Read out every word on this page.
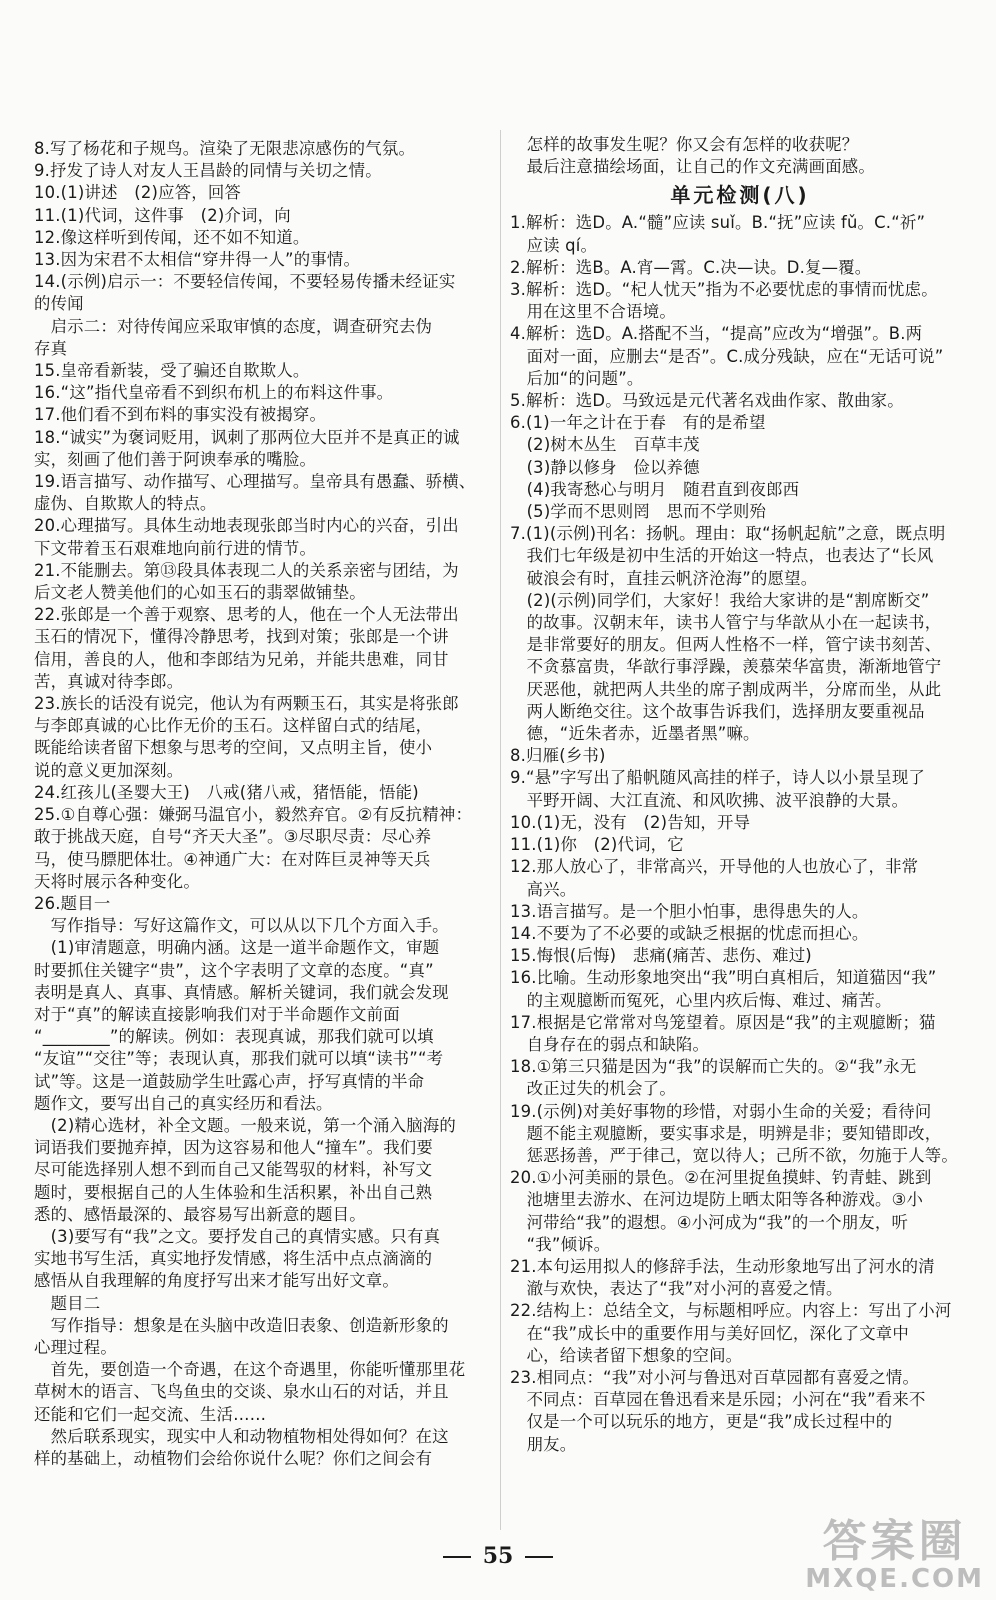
8.写了杨花和子规鸟。渲染了无限悲凉感伤的气氛。
9.抒发了诗人对友人王昌龄的同情与关切之情。
10.(1)讲述　(2)应答，回答
11.(1)代词，这件事　(2)介词，向
12.像这样听到传闻，还不如不知道。
13.因为宋君不太相信“穿井得一人”的事情。
14.(示例)启示一：不要轻信传闻，不要轻易传播未经证实
的传闻
　启示二：对待传闻应采取审慎的态度，调查研究去伪
存真
15.皇帝看新装，受了骗还自欺欺人。
16.“这”指代皇帝看不到织布机上的布料这件事。
17.他们看不到布料的事实没有被揭穿。
18.“诚实”为褒词贬用，讽刺了那两位大臣并不是真正的诚
实，刻画了他们善于阿谀奉承的嘴脸。
19.语言描写、动作描写、心理描写。皇帝具有愚蠢、骄横、
虚伪、自欺欺人的特点。
20.心理描写。具体生动地表现张郎当时内心的兴奋，引出
下文带着玉石艰难地向前行进的情节。
21.不能删去。第⑬段具体表现二人的关系亲密与团结，为
后文老人赞美他们的心如玉石的翡翠做铺垫。
22.张郎是一个善于观察、思考的人，他在一个人无法带出
玉石的情况下，懂得冷静思考，找到对策；张郎是一个讲
信用，善良的人，他和李郎结为兄弟，并能共患难，同甘
苦，真诚对待李郎。
23.族长的话没有说完，他认为有两颗玉石，其实是将张郎
与李郎真诚的心比作无价的玉石。这样留白式的结尾，
既能给读者留下想象与思考的空间，又点明主旨，使小
说的意义更加深刻。
24.红孩儿(圣婴大王)　八戒(猪八戒，猪悟能，悟能)
25.①自尊心强：嫌弼马温官小，毅然弃官。②有反抗精神：
敢于挑战天庭，自号“齐天大圣”。③尽职尽责：尽心养
马，使马膘肥体壮。④神通广大：在对阵巨灵神等天兵
天将时展示各种变化。
26.题目一
　写作指导：写好这篇作文，可以从以下几个方面入手。
　(1)审清题意，明确内涵。这是一道半命题作文，审题
时要抓住关键字“贵”，这个字表明了文章的态度。“真”
表明是真人、真事、真情感。解析关键词，我们就会发现
对于“真”的解读直接影响我们对于半命题作文前面
“________”的解读。例如：表现真诚，那我们就可以填
“友谊”“交往”等；表现认真，那我们就可以填“读书”“考
试”等。这是一道鼓励学生吐露心声，抒写真情的半命
题作文，要写出自己的真实经历和看法。
　(2)精心选材，补全文题。一般来说，第一个涌入脑海的
词语我们要抛弃掉，因为这容易和他人“撞车”。我们要
尽可能选择别人想不到而自己又能驾驭的材料，补写文
题时，要根据自己的人生体验和生活积累，补出自己熟
悉的、感悟最深的、最容易写出新意的题目。
　(3)要写有“我”之文。要抒发自己的真情实感。只有真
实地书写生活，真实地抒发情感，将生活中点点滴滴的
感悟从自我理解的角度抒写出来才能写出好文章。
　题目二
　写作指导：想象是在头脑中改造旧表象、创造新形象的
心理过程。
　首先，要创造一个奇遇，在这个奇遇里，你能听懂那里花
草树木的语言、飞鸟鱼虫的交谈、泉水山石的对话，并且
还能和它们一起交流、生活……
　然后联系现实，现实中人和动物植物相处得如何？在这
样的基础上，动植物们会给你说什么呢？你们之间会有
　怎样的故事发生呢？你又会有怎样的收获呢？
　最后注意描绘场面，让自己的作文充满画面感。
单元检测(八)
1.解析：选D。A.“髓”应读 suǐ。B.“抚”应读 fǔ。C.“祈”
　应读 qí。
2.解析：选B。A.宵—霄。C.决—诀。D.复—覆。
3.解析：选D。“杞人忧天”指为不必要忧虑的事情而忧虑。
　用在这里不合语境。
4.解析：选D。A.搭配不当，“提高”应改为“增强”。B.两
　面对一面，应删去“是否”。C.成分残缺，应在“无话可说”
　后加“的问题”。
5.解析：选D。马致远是元代著名戏曲作家、散曲家。
6.(1)一年之计在于春　有的是希望
　(2)树木丛生　百草丰茂
　(3)静以修身　俭以养德
　(4)我寄愁心与明月　随君直到夜郎西
　(5)学而不思则罔　思而不学则殆
7.(1)(示例)刊名：扬帆。理由：取“扬帆起航”之意，既点明
　我们七年级是初中生活的开始这一特点，也表达了“长风
　破浪会有时，直挂云帆济沧海”的愿望。
　(2)(示例)同学们，大家好！我给大家讲的是“割席断交”
　的故事。汉朝末年，读书人管宁与华歆从小在一起读书，
　是非常要好的朋友。但两人性格不一样，管宁读书刻苦、
　不贪慕富贵，华歆行事浮躁，羡慕荣华富贵，渐渐地管宁
　厌恶他，就把两人共坐的席子割成两半，分席而坐，从此
　两人断绝交往。这个故事告诉我们，选择朋友要重视品
　德，“近朱者赤，近墨者黑”嘛。
8.归雁(乡书)
9.“悬”字写出了船帆随风高挂的样子，诗人以小景呈现了
　平野开阔、大江直流、和风吹拂、波平浪静的大景。
10.(1)无，没有　(2)告知，开导
11.(1)你　(2)代词，它
12.那人放心了，非常高兴，开导他的人也放心了，非常
　高兴。
13.语言描写。是一个胆小怕事，患得患失的人。
14.不要为了不必要的或缺乏根据的忧虑而担心。
15.悔恨(后悔)　悲痛(痛苦、悲伤、难过)
16.比喻。生动形象地突出“我”明白真相后，知道猫因“我”
　的主观臆断而冤死，心里内疚后悔、难过、痛苦。
17.根据是它常常对鸟笼望着。原因是“我”的主观臆断；猫
　自身存在的弱点和缺陷。
18.①第三只猫是因为“我”的误解而亡失的。②“我”永无
　改正过失的机会了。
19.(示例)对美好事物的珍惜，对弱小生命的关爱；看待问
　题不能主观臆断，要实事求是，明辨是非；要知错即改，
　惩恶扬善，严于律己，宽以待人；己所不欲，勿施于人等。
20.①小河美丽的景色。②在河里捉鱼摸蚌、钓青蛙、跳到
　池塘里去游水、在河边堤防上晒太阳等各种游戏。③小
　河带给“我”的遐想。④小河成为“我”的一个朋友，听
　“我”倾诉。
21.本句运用拟人的修辞手法，生动形象地写出了河水的清
　澈与欢快，表达了“我”对小河的喜爱之情。
22.结构上：总结全文，与标题相呼应。内容上：写出了小河
　在“我”成长中的重要作用与美好回忆，深化了文章中
　心，给读者留下想象的空间。
23.相同点：“我”对小河与鲁迅对百草园都有喜爱之情。
　不同点：百草园在鲁迅看来是乐园；小河在“我”看来不
　仅是一个可以玩乐的地方，更是“我”成长过程中的
　朋友。
55	答案圈
MXQE.COM
